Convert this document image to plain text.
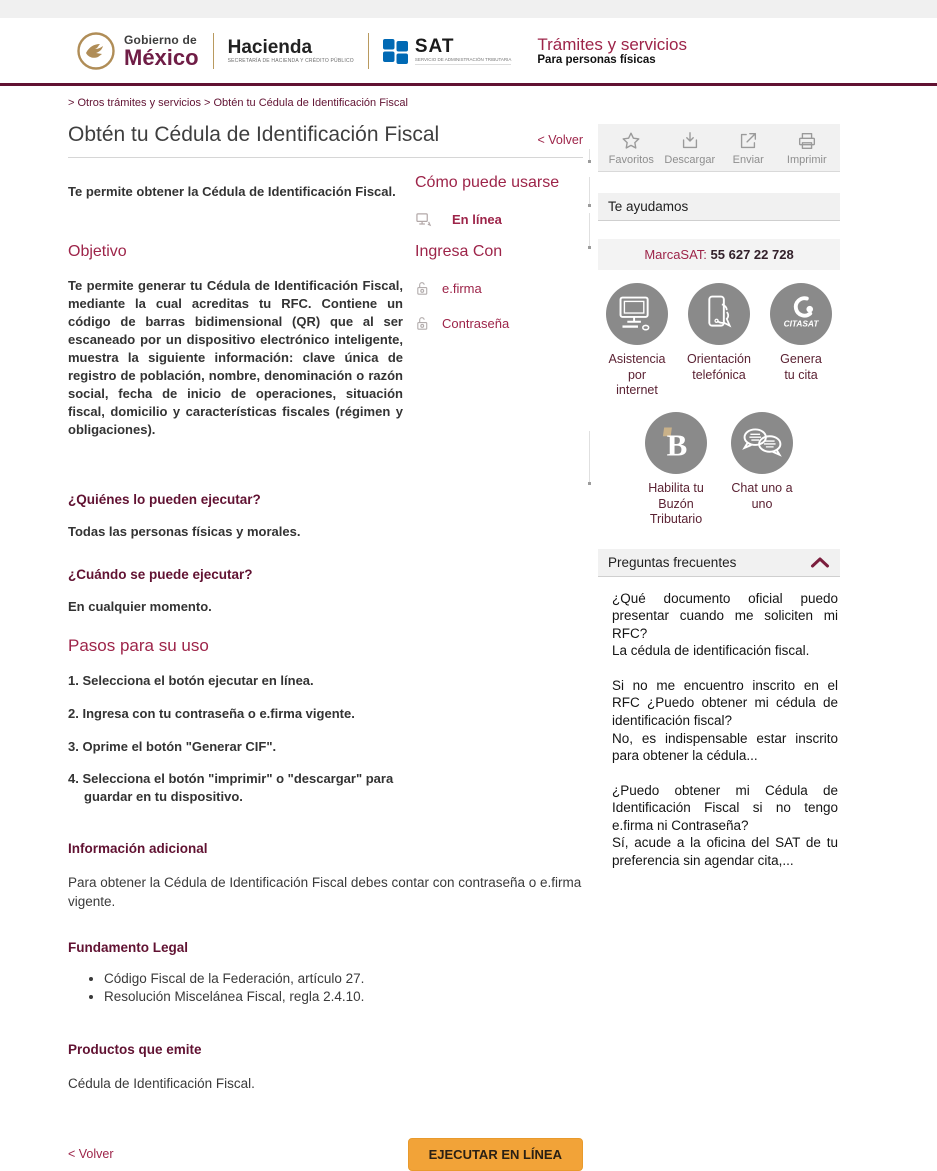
Gobierno de
México Hacienda
SECRETARÍA DE HACIENDA Y CRÉDITO PÚBLICO
SAT
SERVICIO DE ADMINISTRACIÓN TRIBUTARIA
Trámites y servicios
Para personas físicas
> Otros trámites y servicios > Obtén tu Cédula de Identificación Fiscal
Obtén tu Cédula de Identificación Fiscal	< Volver

Te permite obtener la Cédula de Identificación Fiscal.

Objetivo

Te permite generar tu Cédula de Identificación Fiscal, mediante la cual acreditas tu RFC. Contiene un código de barras bidimensional (QR) que al ser escaneado por un dispositivo electrónico inteligente, muestra la siguiente información: clave única de registro de población, nombre, denominación o razón social, fecha de inicio de operaciones, situación fiscal, domicilio y características fiscales (régimen y obligaciones).

Cómo puede usarse
En línea
Ingresa Con
e.firma
Contraseña
¿Quiénes lo pueden ejecutar?

Todas las personas físicas y morales.

¿Cuándo se puede ejecutar?

En cualquier momento.

Pasos para su uso
1. Selecciona el botón ejecutar en línea.
2. Ingresa con tu contraseña o e.firma vigente.
3. Oprime el botón "Generar CIF".
4. Selecciona el botón "imprimir" o "descargar" para guardar en tu dispositivo.
Información adicional

Para obtener la Cédula de Identificación Fiscal debes contar con contraseña o e.firma vigente.

Fundamento Legal
• Código Fiscal de la Federación, artículo 27.
• Resolución Miscelánea Fiscal, regla 2.4.10.
Productos que emite

Cédula de Identificación Fiscal.

< Volver	EJECUTAR EN LÍNEA
Favoritos Descargar Enviar Imprimir
Te ayudamos
MarcaSAT: 55 627 22 728
Asistencia por
internet
Orientación
telefónica
CITASAT
Genera
tu cita
B
Habilita tu
Buzón Tributario
Chat uno a
uno
Preguntas frecuentes
¿Qué documento oficial puedo presentar cuando me soliciten mi RFC?
La cédula de identificación fiscal.
Si no me encuentro inscrito en el RFC ¿Puedo obtener mi cédula de identificación fiscal?
No, es indispensable estar inscrito para obtener la cédula...
¿Puedo obtener mi Cédula de Identificación Fiscal si no tengo e.firma ni Contraseña?
Sí, acude a la oficina del SAT de tu preferencia sin agendar cita,...
